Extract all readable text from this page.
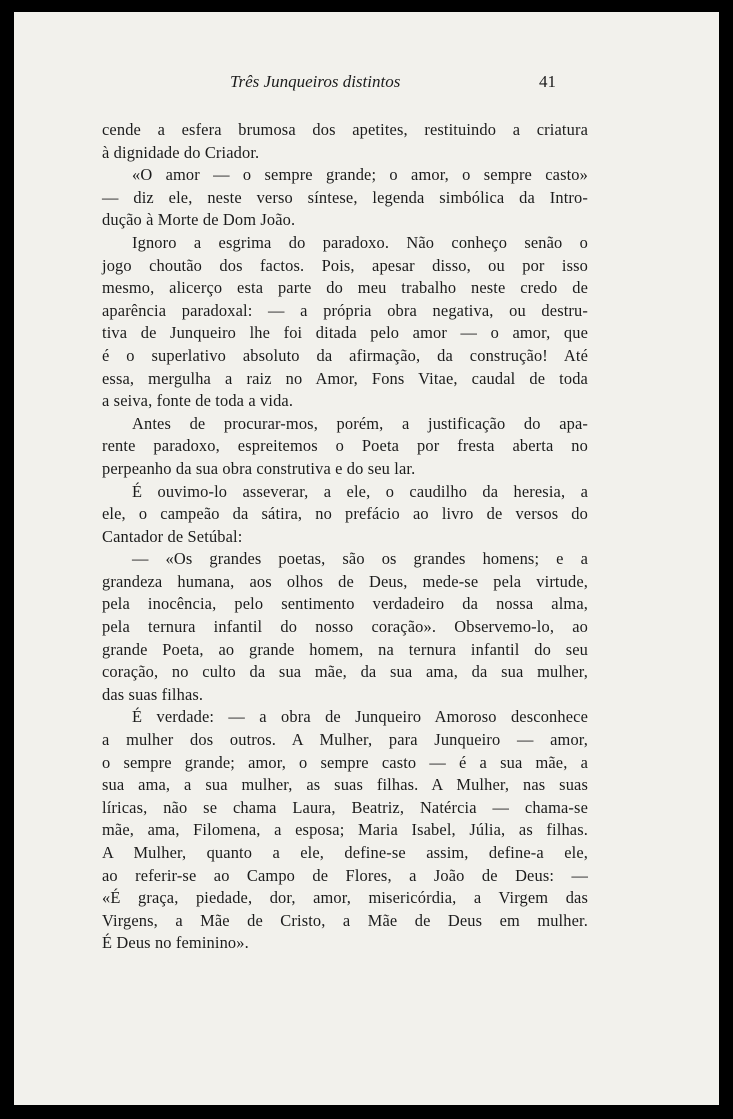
Três Junqueiros distintos	41
cende a esfera brumosa dos apetites, restituindo a criatura
à dignidade do Criador.
«O amor — o sempre grande; o amor, o sempre casto»
— diz ele, neste verso síntese, legenda simbólica da Intro-
dução à Morte de Dom João.
Ignoro a esgrima do paradoxo. Não conheço senão o
jogo choutão dos factos. Pois, apesar disso, ou por isso
mesmo, alicerço esta parte do meu trabalho neste credo de
aparência paradoxal: — a própria obra negativa, ou destru-
tiva de Junqueiro lhe foi ditada pelo amor — o amor, que
é o superlativo absoluto da afirmação, da construção! Até
essa, mergulha a raiz no Amor, Fons Vitae, caudal de toda
a seiva, fonte de toda a vida.
Antes de procurar-mos, porém, a justificação do apa-
rente paradoxo, espreitemos o Poeta por fresta aberta no
perpeanho da sua obra construtiva e do seu lar.
É ouvimo-lo asseverar, a ele, o caudilho da heresia, a
ele, o campeão da sátira, no prefácio ao livro de versos do
Cantador de Setúbal:
— «Os grandes poetas, são os grandes homens; e a
grandeza humana, aos olhos de Deus, mede-se pela virtude,
pela inocência, pelo sentimento verdadeiro da nossa alma,
pela ternura infantil do nosso coração». Observemo-lo, ao
grande Poeta, ao grande homem, na ternura infantil do seu
coração, no culto da sua mãe, da sua ama, da sua mulher,
das suas filhas.
É verdade: — a obra de Junqueiro Amoroso desconhece
a mulher dos outros. A Mulher, para Junqueiro — amor,
o sempre grande; amor, o sempre casto — é a sua mãe, a
sua ama, a sua mulher, as suas filhas. A Mulher, nas suas
líricas, não se chama Laura, Beatriz, Natércia — chama-se
mãe, ama, Filomena, a esposa; Maria Isabel, Júlia, as filhas.
A Mulher, quanto a ele, define-se assim, define-a ele,
ao referir-se ao Campo de Flores, a João de Deus: —
«É graça, piedade, dor, amor, misericórdia, a Virgem das
Virgens, a Mãe de Cristo, a Mãe de Deus em mulher.
É Deus no feminino».
